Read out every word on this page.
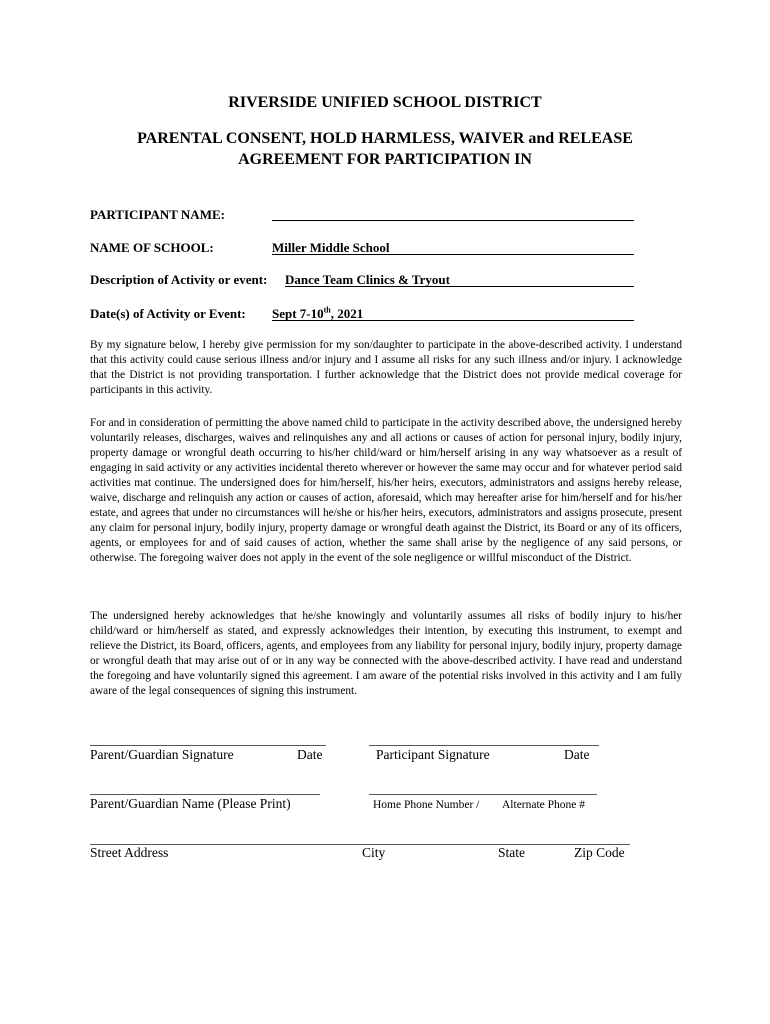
RIVERSIDE UNIFIED SCHOOL DISTRICT
PARENTAL CONSENT, HOLD HARMLESS, WAIVER and RELEASE
AGREEMENT FOR PARTICIPATION IN
PARTICIPANT NAME:
NAME OF SCHOOL:	Miller Middle School
Description of Activity or event: Dance Team Clinics & Tryout
Date(s) of Activity or Event: Sept 7-10th, 2021
By my signature below, I hereby give permission for my son/daughter to participate in the above-described activity. I understand that this activity could cause serious illness and/or injury and I assume all risks for any such illness and/or injury. I acknowledge that the District is not providing transportation. I further acknowledge that the District does not provide medical coverage for participants in this activity.
For and in consideration of permitting the above named child to participate in the activity described above, the undersigned hereby voluntarily releases, discharges, waives and relinquishes any and all actions or causes of action for personal injury, bodily injury, property damage or wrongful death occurring to his/her child/ward or him/herself arising in any way whatsoever as a result of engaging in said activity or any activities incidental thereto wherever or however the same may occur and for whatever period said activities mat continue. The undersigned does for him/herself, his/her heirs, executors, administrators and assigns hereby release, waive, discharge and relinquish any action or causes of action, aforesaid, which may hereafter arise for him/herself and for his/her estate, and agrees that under no circumstances will he/she or his/her heirs, executors, administrators and assigns prosecute, present any claim for personal injury, bodily injury, property damage or wrongful death against the District, its Board or any of its officers, agents, or employees for and of said causes of action, whether the same shall arise by the negligence of any said persons, or otherwise. The foregoing waiver does not apply in the event of the sole negligence or willful misconduct of the District.
The undersigned hereby acknowledges that he/she knowingly and voluntarily assumes all risks of bodily injury to his/her child/ward or him/herself as stated, and expressly acknowledges their intention, by executing this instrument, to exempt and relieve the District, its Board, officers, agents, and employees from any liability for personal injury, bodily injury, property damage or wrongful death that may arise out of or in any way be connected with the above-described activity. I have read and understand the foregoing and have voluntarily signed this agreement. I am aware of the potential risks involved in this activity and I am fully aware of the legal consequences of signing this instrument.
Parent/Guardian Signature	Date	Participant Signature	Date
Parent/Guardian Name (Please Print)	Home Phone Number / Alternate Phone #
Street Address	City	State	Zip Code
